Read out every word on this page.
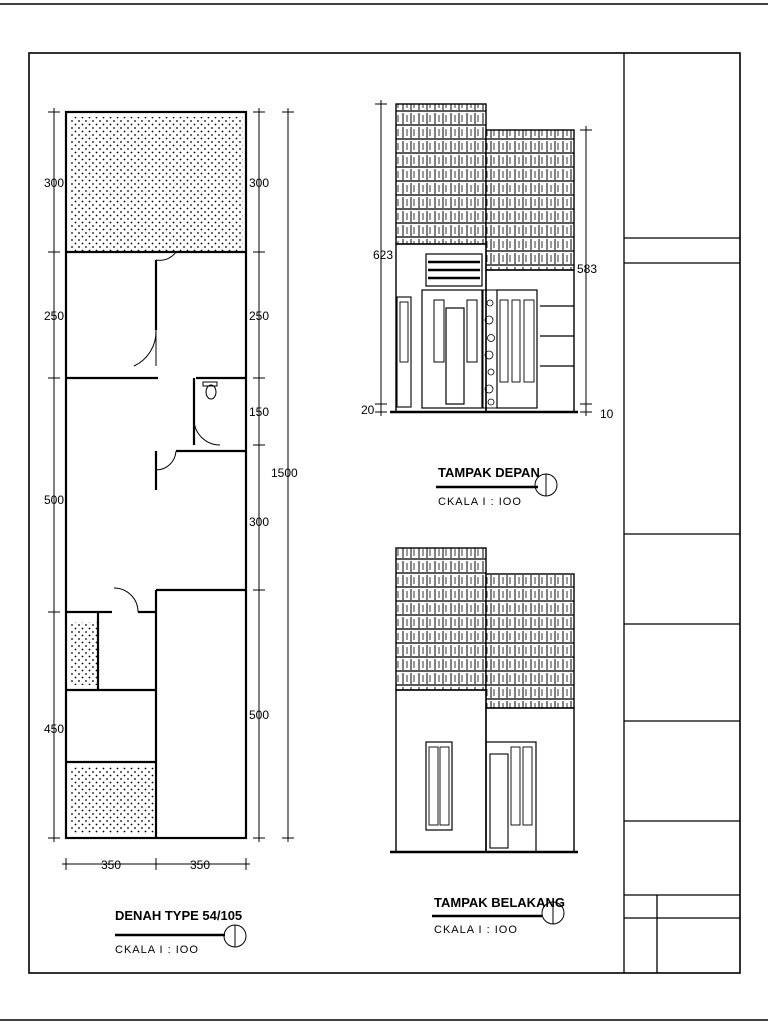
300
250
500
450
300
250
150
300
500
1500
350	350
DENAH TYPE 54/105
CKALA I : IOO
623
583
20	10
TAMPAK DEPAN
CKALA I : IOO
TAMPAK BELAKANG
CKALA I : IOO
